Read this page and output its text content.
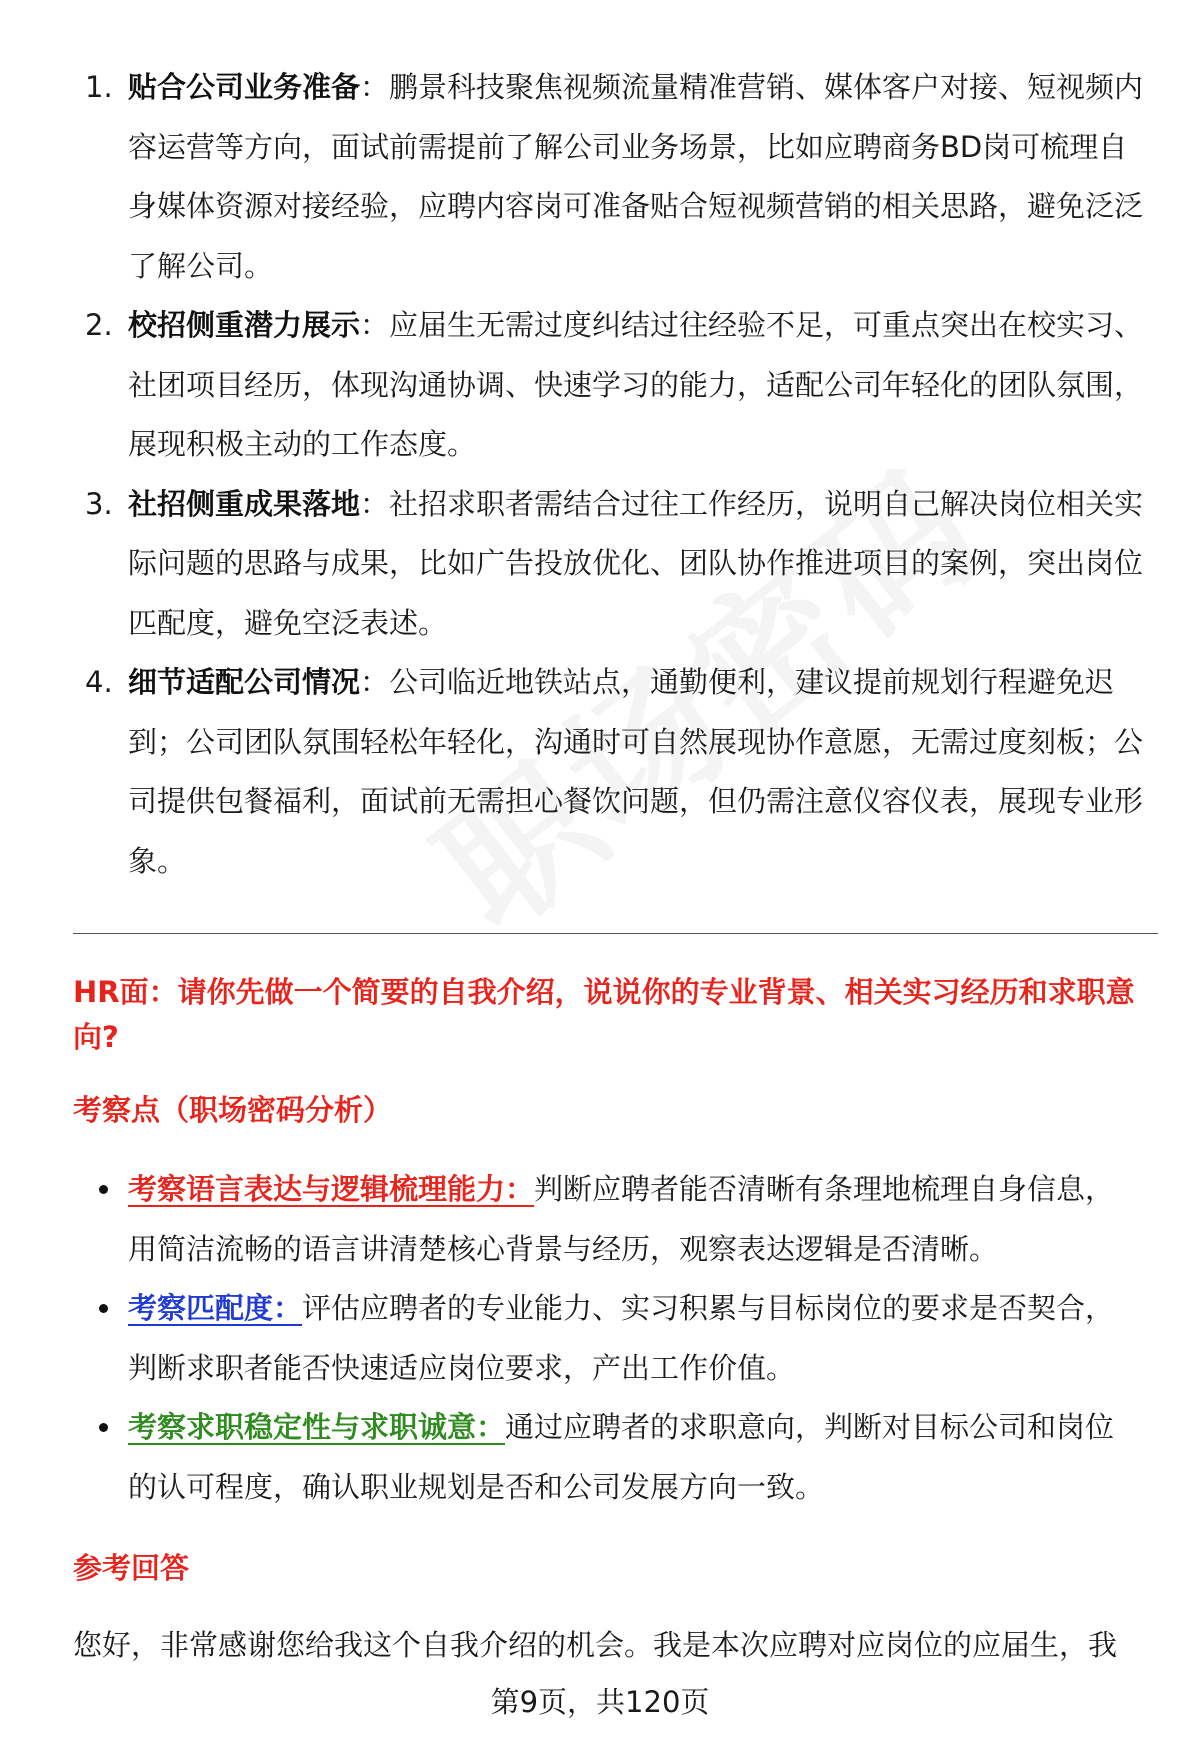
1. 贴合公司业务准备：鹏景科技聚焦视频流量精准营销、媒体客户对接、短视频内容运营等方向，面试前需提前了解公司业务场景，比如应聘商务BD岗可梳理自身媒体资源对接经验，应聘内容岗可准备贴合短视频营销的相关思路，避免泛泛了解公司。

2. 校招侧重潜力展示：应届生无需过度纠结过往经验不足，可重点突出在校实习、社团项目经历，体现沟通协调、快速学习的能力，适配公司年轻化的团队氛围，展现积极主动的工作态度。

3. 社招侧重成果落地：社招求职者需结合过往工作经历，说明自己解决岗位相关实际问题的思路与成果，比如广告投放优化、团队协作推进项目的案例，突出岗位匹配度，避免空泛表述。

4. 细节适配公司情况：公司临近地铁站点，通勤便利，建议提前规划行程避免迟到；公司团队氛围轻松年轻化，沟通时可自然展现协作意愿，无需过度刻板；公司提供包餐福利，面试前无需担心餐饮问题，但仍需注意仪容仪表，展现专业形象。

HR面：请你先做一个简要的自我介绍，说说你的专业背景、相关实习经历和求职意向?

考察点（职场密码分析）

考察语言表达与逻辑梳理能力：判断应聘者能否清晰有条理地梳理自身信息，用简洁流畅的语言讲清楚核心背景与经历，观察表达逻辑是否清晰。

考察匹配度：评估应聘者的专业能力、实习积累与目标岗位的要求是否契合，判断求职者能否快速适应岗位要求，产出工作价值。

考察求职稳定性与求职诚意：通过应聘者的求职意向，判断对目标公司和岗位的认可程度，确认职业规划是否和公司发展方向一致。

参考回答

您好，非常感谢您给我这个自我介绍的机会。我是本次应聘对应岗位的应届生，我

第9页，共120页
